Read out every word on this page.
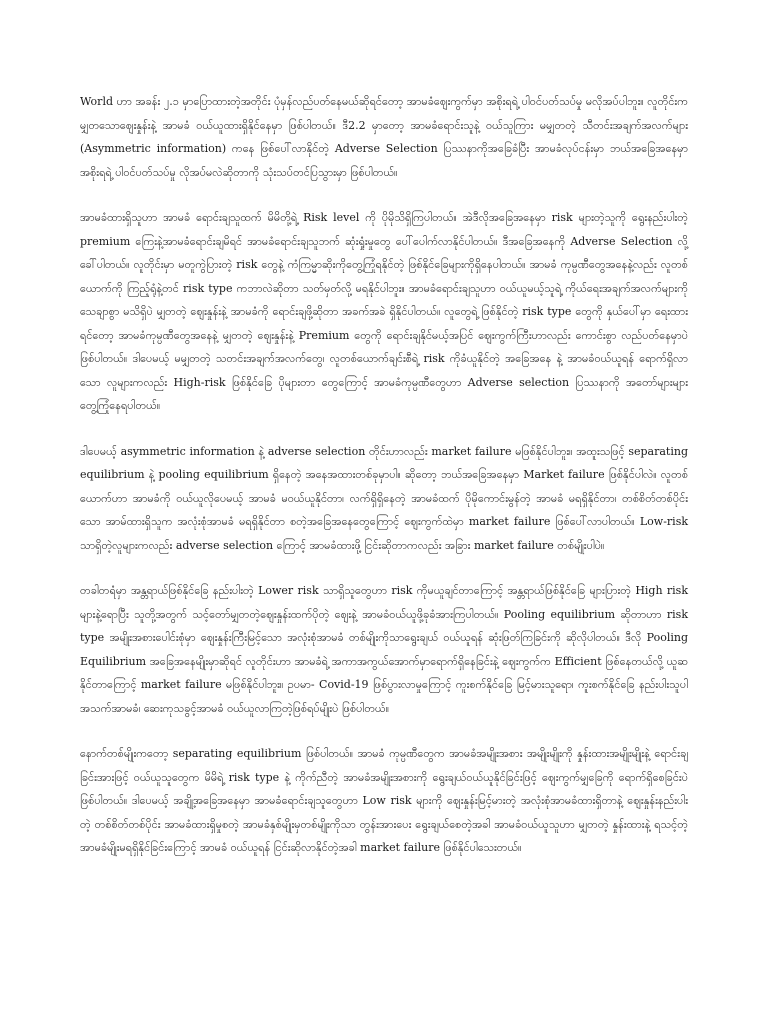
World ဟာ အခန်း ၂.၁ မှာပြောထားတဲ့အတိုင်း ပုံမှန်လည်ပတ်နေမယ်ဆိုရင်တော့ အာမခံဈေးကွက်မှာ အစိုးရရဲ့ ပါဝင်ပတ်သပ်မှု မလိုအပ်ပါဘူး။ လူတိုင်းက မျှတသောဈေးနှုန်းနဲ့ အာမခံ ဝယ်ယူထားရှိနိုင်နေမှာ ဖြစ်ပါတယ်။ ဒီ2.2 မှာတော့ အာမခံရောင်းသူနဲ့ ဝယ်သူကြား မမျှတတဲ့ သီတင်းအချက်အလက်များ (Asymmetric information) ကနေ ဖြစ်ပေါ်လာနိုင်တဲ့ Adverse Selection ပြဿနာကိုအခြေခံပြီး အာမခံလုပ်ငန်းမှာ ဘယ်အခြေအနေမှာ အစိုးရရဲ့ ပါဝင်ပတ်သပ်မှု လိုအပ်မလဲဆိုတာကို သုံးသပ်တင်ပြသွားမှာ ဖြစ်ပါတယ်။

အာမခံထားရှိသူဟာ အာမခံ ရောင်းချသူထက် မိမိတို့ရဲ့ Risk level ကို ပိုမိုသိရှိကြပါတယ်။ အဲဒီလိုအခြေအနေမှာ risk များတဲ့သူကို ရွေးနည်းပါးတဲ့ premium ကြေးနဲ့အာမခံရောင်းချမိရင် အာမခံရောင်းချသူဘက် ဆုံးရှုံးမှုတွေ ပေါ်ပေါက်လာနိုင်ပါတယ်။ ဒီအခြေအနေကို Adverse Selection လို့ခေါ်ပါတယ်။ လူတိုင်းမှာ မတူကွဲပြားတဲ့ risk တွေနဲ့ ကံကြမ္မာဆိုးကိုတွေ့ကြုံရနိုင်တဲ့ ဖြစ်နိုင်ခြေများကိုရှိနေပါတယ်။ အာမခံ ကုမ္ပဏီတွေအနေနဲ့လည်း လူတစ်ယောက်ကို ကြည့်ရုံနဲ့တင် risk type ကဘာလဲဆိုတာ သတ်မှတ်လို့ မရနိုင်ပါဘူး။ အာမခံရောင်းချသူဟာ ဝယ်ယူမယ့်သူရဲ့ ကိုယ်ရေးအချက်အလက်များကိုသေချာစွာ မသိရှိပဲ မျှတတဲ့ ဈေးနှုန်းနဲ့ အာမခံကို ရောင်းချဖို့ဆိုတာ အခက်အခဲ ရှိနိုင်ပါတယ်။ လူတွေရဲ့ ဖြစ်နိုင်တဲ့ risk type တွေကို နှယ်ပေါ်မှာ ရေးထားရင်တော့ အာမခံကုမ္ပဏီတွေအနေနဲ့ မျှတတဲ့ ဈေးနှုန်းနဲ့ Premium တွေကို ရောင်းချနိုင်မယ့်အပြင် ဈေးကွက်ကြီးဟာလည်း ကောင်းစွာ လည်ပတ်နေမှာပဲ ဖြစ်ပါတယ်။ ဒါပေမယ့် မမျှတတဲ့ သတင်းအချက်အလက်တွေ၊ လူတစ်ယောက်ချင်းစီရဲ့ risk ကိုခံယူနိုင်တဲ့ အခြေအနေ နဲ့ အာမခံဝယ်ယူရန် ရောက်ရှိလာသော လူများကလည်း High-risk ဖြစ်နိုင်ခြေ ပိုများတာ တွေကြောင့် အာမခံကုမ္ပဏီတွေဟာ Adverse selection ပြဿနာကို အတော်များများ တွေ့ကြုံနေရပါတယ်။

ဒါပေမယ့် asymmetric information နဲ့ adverse selection တိုင်းဟာလည်း market failure မဖြစ်နိုင်ပါဘူး။ အထူးသဖြင့် separating equilibrium နဲ့ pooling equilibrium ရှိနေတဲ့ အနေအထားတစ်ခုမှာပါ။ ဆိုတော့ ဘယ်အခြေအနေမှာ Market failure ဖြစ်နိုင်ပါလဲ။ လူတစ်ယောက်ဟာ အာမခံကို ဝယ်ယူလိုပေမယ့် အာမခံ မဝယ်ယူနိုင်တာ၊ လက်ရှိရှိနေတဲ့ အာမခံထက် ပိုမိုကောင်းမွန်တဲ့ အာမခံ မရရှိနိုင်တာ၊ တစ်စိတ်တစ်ပိုင်းသော အာမ်ထားရှိသူက အလုံးစုံအာမခံ မရရှိနိုင်တာ စတဲ့အခြေအနေတွေကြောင့် ဈေးကွက်ထဲမှာ market failure ဖြစ်ပေါ်လာပါတယ်။ Low-risk သာရှိတဲ့လူများကလည်း adverse selection ကြောင့် အာမခံထားဖို့ ငြင်းဆိုတာကလည်း အခြား market failure တစ်မျိုးပါပဲ။

တခါတရံမှာ အန္တရာယ်ဖြစ်နိုင်ခြေ နည်းပါးတဲ့ Lower risk သာရှိသူတွေဟာ risk ကိုမယူချင်တာကြောင့် အန္တရာယ်ဖြစ်နိုင်ခြေ များပြားတဲ့ High risk များနဲ့ရောပြီး သူတို့အတွက် သင့်တော်မျှတတဲ့ဈေးနှုန်းထက်ပိုတဲ့ ဈေးနဲ့ အာမခံဝယ်ယူဖို့ခုခံအားကြပါတယ်။ Pooling equilibrium ဆိုတာဟာ risk type အမျိုးအစားပေါင်းစုံမှာ ဈေးနှုန်းကြီးမြင့်သော အလုံးစုံအာမခံ တစ်မျိုးကိုသာရွေးချယ် ဝယ်ယူရန် ဆုံးဖြတ်ကြခြင်းကို ဆိုလိုပါတယ်။ ဒီလို Pooling Equilibrium အခြေအနေမျိုးမှာဆိုရင် လူတိုင်းဟာ အာမခံရဲ့ အကာအကွယ်အောက်မှာရောက်ရှိနေခြင်းနဲ့ ဈေးကွက်က Efficient ဖြစ်နေတယ်လို့ ယူဆနိုင်တာကြောင့် market failure မဖြစ်နိုင်ပါဘူး။ ဥပမာ- Covid-19 ဖြစ်ပွားလာမှုကြောင့် ကူးစက်နိုင်ခြေ မြင့်မားသူရော၊ ကူးစက်နိုင်ခြေ နည်းပါးသူပါ အသက်အာမခံ၊ ဆေးကုသခွင့်အာမခံ ဝယ်ယူလာကြတဲ့ဖြစ်ရပ်မျိုးပဲ ဖြစ်ပါတယ်။

နောက်တစ်မျိုးကတော့ separating equilibrium ဖြစ်ပါတယ်။ အာမခံ ကုမ္ပဏီတွေက အာမခံအမျိုးအစား အမျိုးမျိုးကို နှုန်းထားအမျိုးမျိုးနဲ့ ရောင်းချ ခြင်းအားဖြင့် ဝယ်ယူသူတွေက မိမိရဲ့ risk type နဲ့ ကိုက်ညီတဲ့ အာမခံအမျိုးအစားကို ရွေးချယ်ဝယ်ယူနိုင်ခြင်းဖြင့် ဈေးကွက်မျှခြေကို ရောက်ရှိစေခြင်းပဲ ဖြစ်ပါတယ်။ ဒါပေမယ့် အချို့အခြေအနေမှာ အာမခံရောင်းချသူတွေဟာ Low risk များကို ဈေးနှုန်းမြင့်မားတဲ့ အလုံးစုံအာမခံထားရှိတာနဲ့ ဈေးနှုန်းနည်းပါးတဲ့ တစ်စိတ်တစ်ပိုင်း အာမခံထားရှိမှုစတဲ့ အာမခံနှစ်မျိုးမှတစ်မျိုးကိုသာ တွန်းအားပေး ရွေးချယ်စေတဲ့အခါ အာမခံဝယ်ယူသူဟာ မျှတတဲ့ နှုန်းထားနဲ့ ရသင့်တဲ့အာမခံမျိုးမရရှိနိုင်ခြင်းကြောင့် အာမခံ ဝယ်ယူရန် ငြင်းဆိုလာနိုင်တဲ့အခါ market failure ဖြစ်နိုင်ပါသေးတယ်။
